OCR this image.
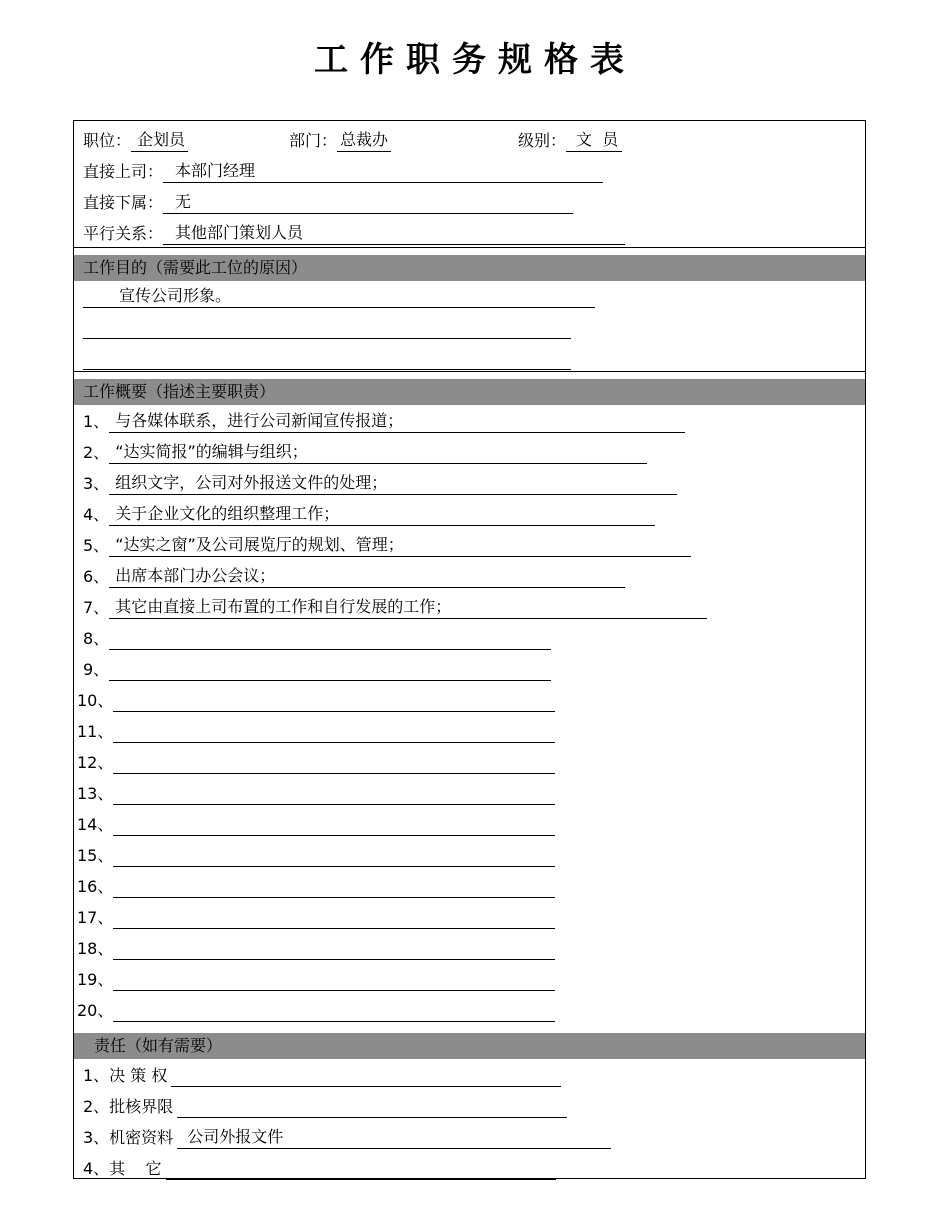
工作职务规格表
职位： 企划员	部门： 总裁办	级别： 文  员
直接上司： 本部门经理
直接下属： 无
平行关系： 其他部门策划人员
工作目的（需要此工位的原因）
宣传公司形象。
工作概要（指述主要职责）
1、 与各媒体联系，进行公司新闻宣传报道；
2、 “达实简报”的编辑与组织；
3、 组织文字，公司对外报送文件的处理；
4、 关于企业文化的组织整理工作；
5、 “达实之窗”及公司展览厅的规划、管理；
6、 出席本部门办公会议；
7、 其它由直接上司布置的工作和自行发展的工作；
8、
9、
10、
11、
12、
13、
14、
15、
16、
17、
18、
19、
20、
责任（如有需要）
1、决 策 权
2、批核界限
3、机密资料 公司外报文件
4、其    它
